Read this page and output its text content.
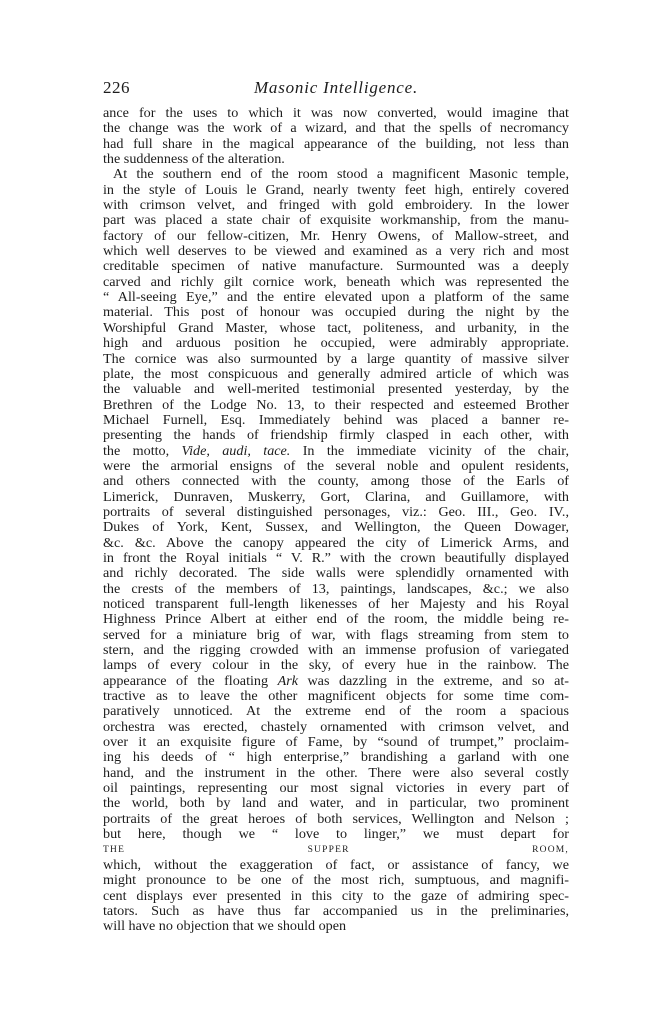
226	Masonic Intelligence.
ance for the uses to which it was now converted, would imagine that
the change was the work of a wizard, and that the spells of necromancy
had full share in the magical appearance of the building, not less than
the suddenness of the alteration.
At the southern end of the room stood a magnificent Masonic temple,
in the style of Louis le Grand, nearly twenty feet high, entirely covered
with crimson velvet, and fringed with gold embroidery. In the lower
part was placed a state chair of exquisite workmanship, from the manu-
factory of our fellow-citizen, Mr. Henry Owens, of Mallow-street, and
which well deserves to be viewed and examined as a very rich and most
creditable specimen of native manufacture. Surmounted was a deeply
carved and richly gilt cornice work, beneath which was represented the
“ All-seeing Eye,” and the entire elevated upon a platform of the same
material. This post of honour was occupied during the night by the
Worshipful Grand Master, whose tact, politeness, and urbanity, in the
high and arduous position he occupied, were admirably appropriate.
The cornice was also surmounted by a large quantity of massive silver
plate, the most conspicuous and generally admired article of which was
the valuable and well-merited testimonial presented yesterday, by the
Brethren of the Lodge No. 13, to their respected and esteemed Brother
Michael Furnell, Esq. Immediately behind was placed a banner re-
presenting the hands of friendship firmly clasped in each other, with
the motto, Vide, audi, tace. In the immediate vicinity of the chair,
were the armorial ensigns of the several noble and opulent residents,
and others connected with the county, among those of the Earls of
Limerick, Dunraven, Muskerry, Gort, Clarina, and Guillamore, with
portraits of several distinguished personages, viz.: Geo. III., Geo. IV.,
Dukes of York, Kent, Sussex, and Wellington, the Queen Dowager,
&c. &c. Above the canopy appeared the city of Limerick Arms, and
in front the Royal initials “ V. R.” with the crown beautifully displayed
and richly decorated. The side walls were splendidly ornamented with
the crests of the members of 13, paintings, landscapes, &c.; we also
noticed transparent full-length likenesses of her Majesty and his Royal
Highness Prince Albert at either end of the room, the middle being re-
served for a miniature brig of war, with flags streaming from stem to
stern, and the rigging crowded with an immense profusion of variegated
lamps of every colour in the sky, of every hue in the rainbow. The
appearance of the floating Ark was dazzling in the extreme, and so at-
tractive as to leave the other magnificent objects for some time com-
paratively unnoticed. At the extreme end of the room a spacious
orchestra was erected, chastely ornamented with crimson velvet, and
over it an exquisite figure of Fame, by “sound of trumpet,” proclaim-
ing his deeds of “ high enterprise,” brandishing a garland with one
hand, and the instrument in the other. There were also several costly
oil paintings, representing our most signal victories in every part of
the world, both by land and water, and in particular, two prominent
portraits of the great heroes of both services, Wellington and Nelson ;
but here, though we “ love to linger,” we must depart for
THE SUPPER ROOM,
which, without the exaggeration of fact, or assistance of fancy, we
might pronounce to be one of the most rich, sumptuous, and magnifi-
cent displays ever presented in this city to the gaze of admiring spec-
tators. Such as have thus far accompanied us in the preliminaries,
will have no objection that we should open
